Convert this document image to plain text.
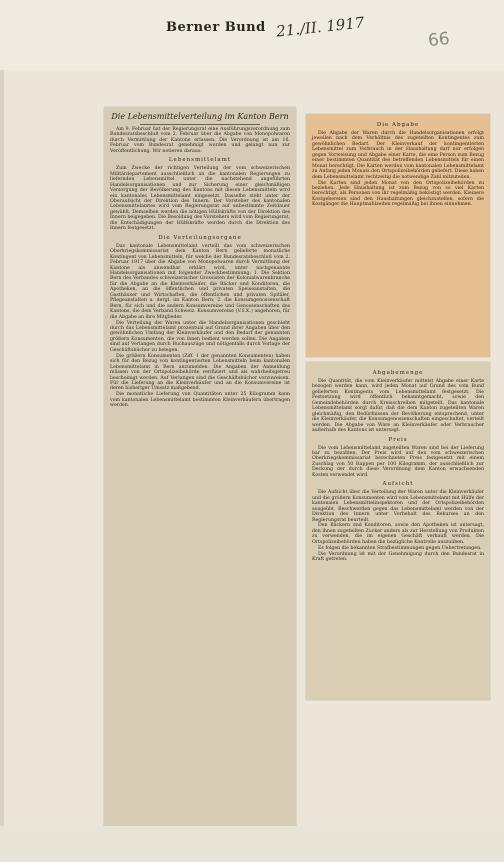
Berner Bund 21./II. 1917	66
Die Lebensmittelverteilung im Kanton Bern

Am 9. Februar hat der Regierungsrat eine Ausführungsverordnung zum Bundesratsbeschluß vom 2. Februar über die Abgabe von Monopolwaren durch Vermittlung der Kantone erlassen. Die Verordnung ist am 16. Februar vom Bundesrat genehmigt worden und gelangt nun zur Veröffentlichung. Wir notieren daraus:

Lebensmittelamt

Zum Zwecke der richtigen Verteilung der vom schweizerischen Militärdepartement ausschließlich an die kantonalen Regierungen zu liefernden Lebensmittel unter die nachstehend angeführten Handelsorganisationen und zur Sicherung einer gleichmäßigen Versorgung der Bevölkerung des Kantons mit diesen Lebensmitteln wird ein kantonales Lebensmittelamt eingesetzt. Dasselbe steht unter der Oberaufsicht der Direktion des Innern. Der Vorsteher des kantonalen Lebensmittelamtes wird vom Regierungsrat auf unbestimmte Zeitdauer gewählt. Demselben werden die nötigen Hülfskräfte von der Direktion des Innern beigegeben. Die Besoldung des Vorstehers wird vom Regierungsrat, die Entschädigungen der Hülfskräfte werden durch die Direktion des Innern festgesetzt.

Die Verteilungsorgane

Das kantonale Lebensmittelamt verteilt das vom schweizerischen Oberkriegskommissariat dem Kanton Bern gelieferte monatliche Kontingent von Lebensmitteln, für welche der Bundesratsbeschluß vom 2. Februar 1917 über die Abgabe von Monopolwaren durch Vermittlung der Kantone als anwendbar erklärt wird, unter nachgenannte Handelsorganisationen mit folgender Zweckbestimmung: 1. Die Sektion Bern des Verbandes schweizerischer Grossisten der Kolonialwarenbranche für die Abgabe an die Kleinverkäufer, die Bäcker und Konditoren, die Apotheken, an die öffentlichen und privaten Speiseanstalten, die Gasthäuser und Wirtschaften, die öffentlichen und privaten Spitäler, Pflegeanstalten u. dergl. im Kanton Bern; 2. die Konsumgenossenschaft Bern, für sich und die andern Konsumvereine und Genossenschaften des Kantons, die dem Verband Schweiz. Konsumvereine (V.S.K.) angehören, für die Abgabe an ihre Mitglieder.

Die Verteilung der Waren unter die Handelsorganisationen geschieht durch das Lebensmittelamt prozentual auf Grund ihrer Angaben über den gewöhnlichen Umfang der Kleinverkäufer und den Bedarf der genannten größern Konsumenten, die von ihnen bedient werden sollen. Die Angaben sind auf Verlangen durch Buchauszüge und nötigenfalls durch Vorlage der Geschäftsbücher zu belegen.

Die größern Konsumenten (Ziff. 1 der genannten Konsumenten) haben sich für den Bezug von kontingentierten Lebensmitteln beim kantonalen Lebensmittelamt in Bern anzumelden. Die Angaben der Anmeldung müssen von der Ortspolizeibehörde verifiziert und als wahrheitsgetreu bescheinigt werden. Auf Verlangen sind die Geschäftsbücher vorzuweisen. Für die Lieferung an die Kleinverkäufer und an die Konsumvereine ist deren bisheriger Umsatz maßgebend.

Die monatliche Lieferung von Quantitäten unter 25 Kilogramm kann vom kantonalen Lebensmittelamt bestimmten Kleinverkäufern übertragen werden.

Die Abgabe

Die Abgabe der Waren durch die Handelsorganisationen erfolgt jeweilen nach dem Verhältnis des zugeteilten Kontingentes zum gewöhnlichen Bedarf. Der Kleinverkauf der kontingentierten Lebensmittel zum Verbrauch in der Haushaltung darf nur erfolgen gegen Vorweisung und Abgabe einer Karte, die eine Person zum Bezug einer bestimmten Quantität des betreffenden Lebensmittels für einen Monat berechtigt. Die Karten werden vom kantonalen Lebensmittelamt zu Anfang jeden Monats den Ortspolizeibehörden geliefert. Diese haben dem Lebensmittelamt rechtzeitig die notwendige Zahl mitzuteilen.

Die Karten sind jeden Monat von den Ortspolizeibehörden zu beziehen. Jede Haushaltung ist zum Bezug von so viel Karten berechtigt, als Personen von ihr regelmäßig beköstigt werden. Kleinere Kostgebereien sind den Haushaltungen gleichzustellen, sofern die Kostgänger die Hauptmahlzeiten regelmäßig bei ihnen einnehmen.

Abgabemenge

Die Quantität, die vom Kleinverkäufer mittelst Abgabe einer Karte bezogen werden kann, wird jeden Monat auf Grund des vom Bund gelieferten Kontingents vom Lebensmittelamt festgesetzt. Die Festsetzung wird öffentlich bekanntgemacht, sowie den Gemeindebehörden durch Kreisschreiben mitgeteilt. Das kantonale Lebensmittelamt sorgt dafür, daß die dem Kanton zugeteilten Waren gleichmäßig, den Bedürfnissen der Bevölkerung entsprechend, unter die Kleinverkäufer, die Konsumgenossenschaften eingeschaltet, verteilt werden. Die Abgabe von Ware an Kleinverkäufer oder Verbraucher außerhalb des Kantons ist untersagt.

Preis

Die vom Lebensmittelamt zugeteilten Waren sind bei der Lieferung bar zu bezahlen. Der Preis wird auf den vom schweizerischen Oberkriegskommissariat berechneten Preis festgesetzt mit einem Zuschlag von 50 Rappen per 100 Kilogramm, der ausschließlich zur Deckung der durch diese Verordnung dem Kanton erwachsenden Kosten verwendet wird.

Aufsicht

Die Aufsicht über die Verteilung der Waren unter die Kleinverkäufer und die größern Konsumenten wird vom Lebensmittelamt mit Hülfe der kantonalen Lebensmittelinspektoren und der Ortspolizeibehörden ausgeübt. Beschwerden gegen das Lebensmittelamt werden von der Direktion des Innern unter Vorbehalt des Rekurses an den Regierungsrat beurteilt.

Den Bäckern und Konditoren, sowie den Apotheken ist untersagt, den ihnen zugeteilten Zucker anders als zur Herstellung von Produkten zu verwenden, die im eigenen Geschäft verkauft werden. Die Ortspolizeibehörden haben die bezügliche Kontrolle auszuüben.

Es folgen die bekannten Strafbestimmungen gegen Uebertretungen.

Die Verordnung ist mit der Genehmigung durch den Bundesrat in Kraft getreten.
